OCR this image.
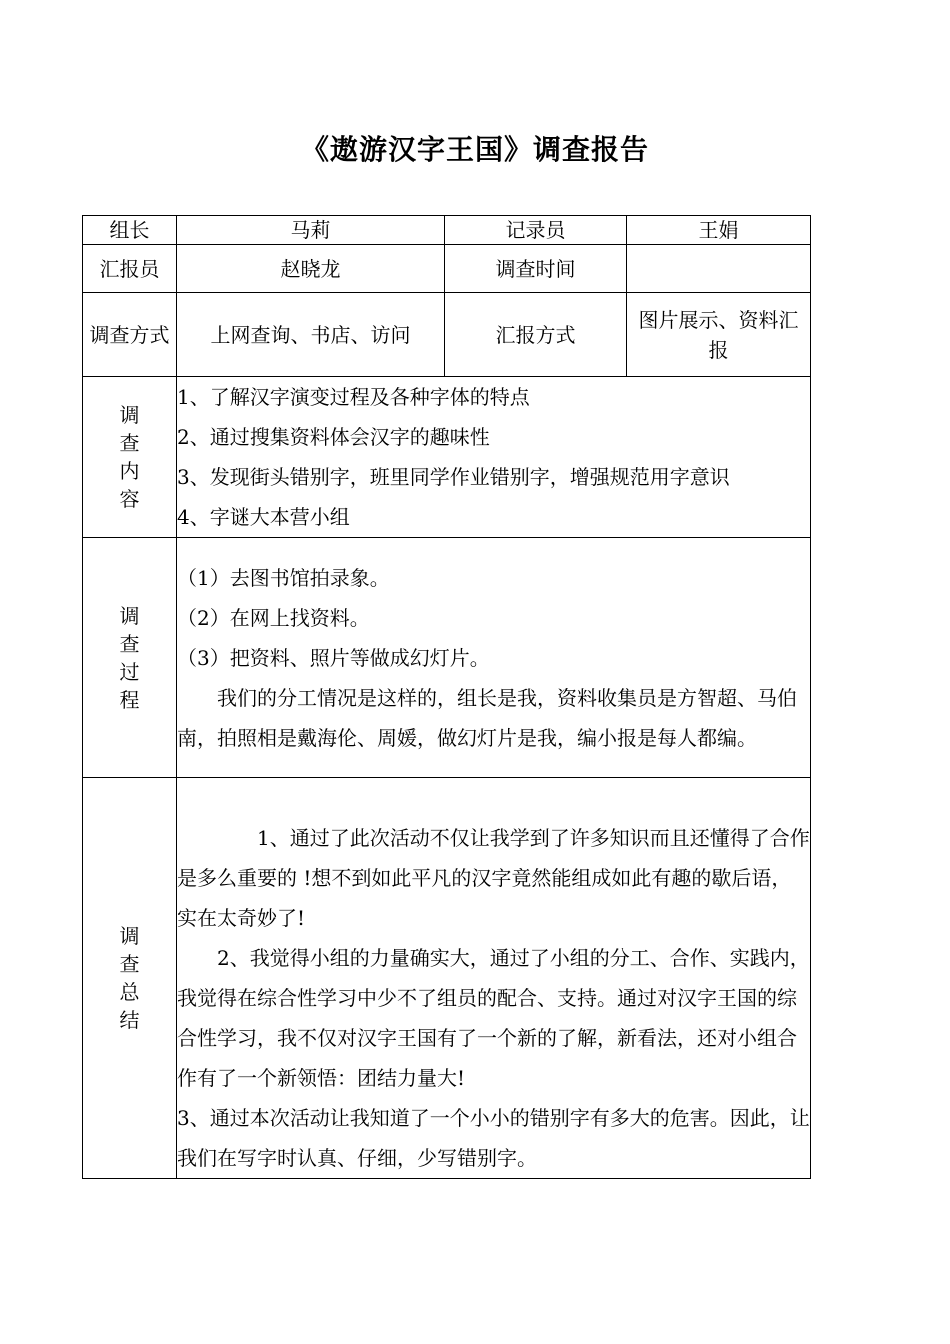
《遨游汉字王国》调查报告
组长	马莉	记录员	王娟
汇报员	赵晓龙	调查时间	
调查方式	上网查询、书店、访问	汇报方式	图片展示、资料汇报
调查内容	1、了解汉字演变过程及各种字体的特点
2、通过搜集资料体会汉字的趣味性
3、发现街头错别字，班里同学作业错别字，增强规范用字意识
4、字谜大本营小组		

调查过程	（1）去图书馆拍录象。
（2）在网上找资料。
（3）把资料、照片等做成幻灯片。
我们的分工情况是这样的，组长是我，资料收集员是方智超、马伯南，拍照相是戴海伦、周媛，做幻灯片是我，编小报是每人都编。		

调查总结	1、通过了此次活动不仅让我学到了许多知识而且还懂得了合作是多么重要的 !想不到如此平凡的汉字竟然能组成如此有趣的歇后语，实在太奇妙了!
2、我觉得小组的力量确实大，通过了小组的分工、合作、实践内，我觉得在综合性学习中少不了组员的配合、支持。通过对汉字王国的综合性学习，我不仅对汉字王国有了一个新的了解，新看法，还对小组合作有了一个新领悟：团结力量大!
3、通过本次活动让我知道了一个小小的错别字有多大的危害。因此，让我们在写字时认真、仔细，少写错别字。		
